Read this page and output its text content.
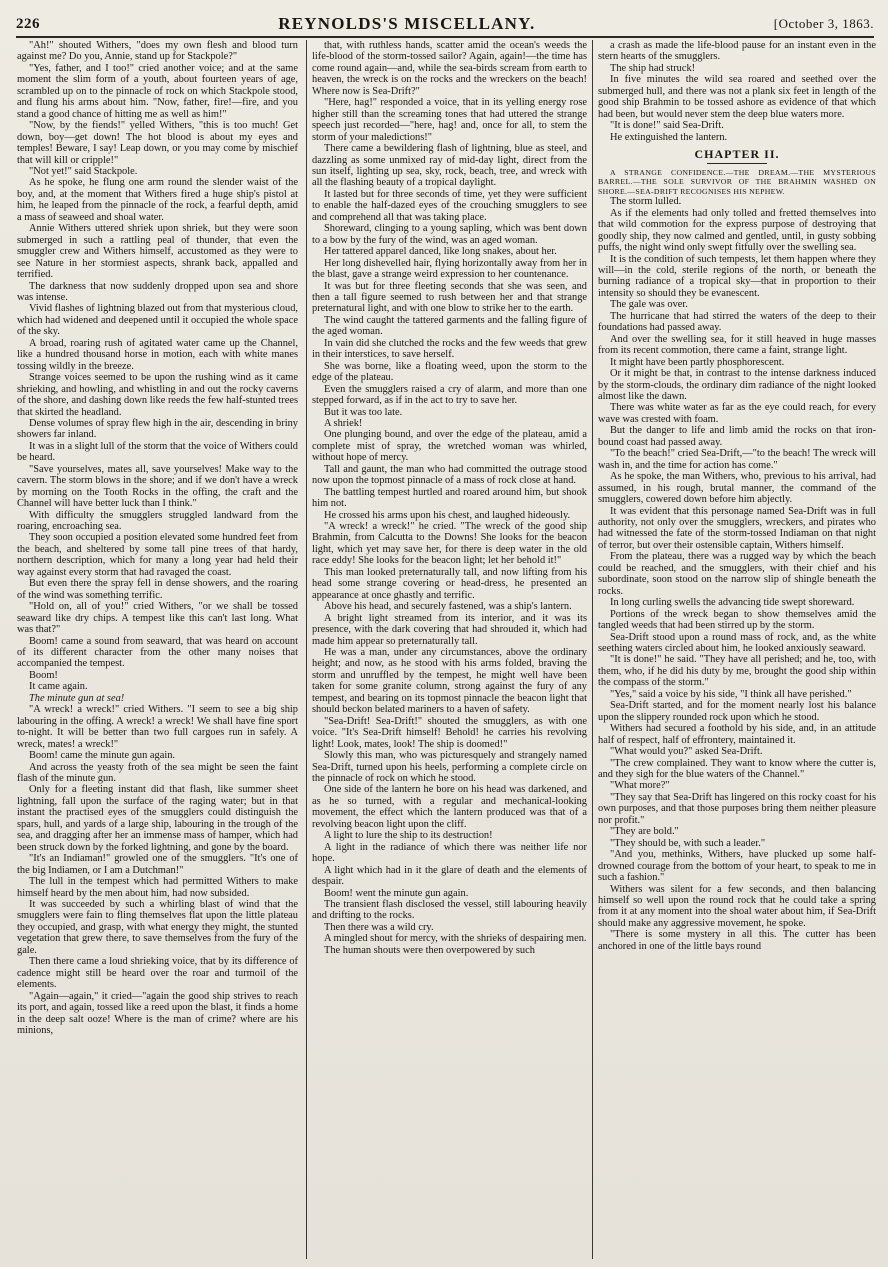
226	REYNOLDS'S MISCELLANY.	[October 3, 1863.

"Ah!" shouted Withers, "does my own flesh and blood turn against me? Do you, Annie, stand up for Stackpole?"

"Yes, father, and I too!" cried another voice; and at the same moment the slim form of a youth, about fourteen years of age, scrambled up on to the pinnacle of rock on which Stackpole stood, and flung his arms about him. "Now, father, fire!—fire, and you stand a good chance of hitting me as well as him!"

"Now, by the fiends!" yelled Withers, "this is too much! Get down, boy—get down! The hot blood is about my eyes and temples! Beware, I say! Leap down, or you may come by mischief that will kill or cripple!"

"Not yet!" said Stackpole.

As he spoke, he flung one arm round the slender waist of the boy, and, at the moment that Withers fired a huge ship's pistol at him, he leaped from the pinnacle of the rock, a fearful depth, amid a mass of seaweed and shoal water.

Annie Withers uttered shriek upon shriek, but they were soon submerged in such a rattling peal of thunder, that even the smuggler crew and Withers himself, accustomed as they were to see Nature in her stormiest aspects, shrank back, appalled and terrified.

The darkness that now suddenly dropped upon sea and shore was intense.

Vivid flashes of lightning blazed out from that mysterious cloud, which had widened and deepened until it occupied the whole space of the sky.

A broad, roaring rush of agitated water came up the Channel, like a hundred thousand horse in motion, each with white manes tossing wildly in the breeze.

Strange voices seemed to be upon the rushing wind as it came shrieking, and howling, and whistling in and out the rocky caverns of the shore, and dashing down like reeds the few half-stunted trees that skirted the headland.

Dense volumes of spray flew high in the air, descending in briny showers far inland.

It was in a slight lull of the storm that the voice of Withers could be heard.

"Save yourselves, mates all, save yourselves! Make way to the cavern. The storm blows in the shore; and if we don't have a wreck by morning on the Tooth Rocks in the offing, the craft and the Channel will have better luck than I think."

With difficulty the smugglers struggled landward from the roaring, encroaching sea.

They soon occupied a position elevated some hundred feet from the beach, and sheltered by some tall pine trees of that hardy, northern description, which for many a long year had held their way against every storm that had ravaged the coast.

But even there the spray fell in dense showers, and the roaring of the wind was something terrific.

"Hold on, all of you!" cried Withers, "or we shall be tossed seaward like dry chips. A tempest like this can't last long. What was that?"

Boom! came a sound from seaward, that was heard on account of its different character from the other many noises that accompanied the tempest.

Boom!

It came again.

The minute gun at sea!

"A wreck! a wreck!" cried Withers. "I seem to see a big ship labouring in the offing. A wreck! a wreck! We shall have fine sport to-night. It will be better than two full cargoes run in safely. A wreck, mates! a wreck!"

Boom! came the minute gun again.

And across the yeasty froth of the sea might be seen the faint flash of the minute gun.

Only for a fleeting instant did that flash, like summer sheet lightning, fall upon the surface of the raging water; but in that instant the practised eyes of the smugglers could distinguish the spars, hull, and yards of a large ship, labouring in the trough of the sea, and dragging after her an immense mass of hamper, which had been struck down by the forked lightning, and gone by the board.

"It's an Indiaman!" growled one of the smugglers. "It's one of the big Indiamen, or I am a Dutchman!"

The lull in the tempest which had permitted Withers to make himself heard by the men about him, had now subsided.

It was succeeded by such a whirling blast of wind that the smugglers were fain to fling themselves flat upon the little plateau they occupied, and grasp, with what energy they might, the stunted vegetation that grew there, to save themselves from the fury of the gale.

Then there came a loud shrieking voice, that by its difference of cadence might still be heard over the roar and turmoil of the elements.

"Again—again," it cried—"again the good ship strives to reach its port, and again, tossed like a reed upon the blast, it finds a home in the deep salt ooze! Where is the man of crime? where are his minions,

that, with ruthless hands, scatter amid the ocean's weeds the life-blood of the storm-tossed sailor? Again, again!—the time has come round again—and, while the sea-birds scream from earth to heaven, the wreck is on the rocks and the wreckers on the beach! Where now is Sea-Drift?"

"Here, hag!" responded a voice, that in its yelling energy rose higher still than the screaming tones that had uttered the strange speech just recorded—"here, hag! and, once for all, to stem the storm of your maledictions!"

There came a bewildering flash of lightning, blue as steel, and dazzling as some unmixed ray of mid-day light, direct from the sun itself, lighting up sea, sky, rock, beach, tree, and wreck with all the flashing beauty of a tropical daylight.

It lasted but for three seconds of time, yet they were sufficient to enable the half-dazed eyes of the crouching smugglers to see and comprehend all that was taking place.

Shoreward, clinging to a young sapling, which was bent down to a bow by the fury of the wind, was an aged woman.

Her tattered apparel danced, like long snakes, about her.

Her long dishevelled hair, flying horizontally away from her in the blast, gave a strange weird expression to her countenance.

It was but for three fleeting seconds that she was seen, and then a tall figure seemed to rush between her and that strange preternatural light, and with one blow to strike her to the earth.

The wind caught the tattered garments and the falling figure of the aged woman.

In vain did she clutched the rocks and the few weeds that grew in their interstices, to save herself.

She was borne, like a floating weed, upon the storm to the edge of the plateau.

Even the smugglers raised a cry of alarm, and more than one stepped forward, as if in the act to try to save her.

But it was too late.

A shriek!

One plunging bound, and over the edge of the plateau, amid a complete mist of spray, the wretched woman was whirled, without hope of mercy.

Tall and gaunt, the man who had committed the outrage stood now upon the topmost pinnacle of a mass of rock close at hand.

The battling tempest hurtled and roared around him, but shook him not.

He crossed his arms upon his chest, and laughed hideously.

"A wreck! a wreck!" he cried. "The wreck of the good ship Brahmin, from Calcutta to the Downs! She looks for the beacon light, which yet may save her, for there is deep water in the old race eddy! She looks for the beacon light; let her behold it!"

This man looked preternaturally tall, and now lifting from his head some strange covering or head-dress, he presented an appearance at once ghastly and terrific.

Above his head, and securely fastened, was a ship's lantern.

A bright light streamed from its interior, and it was its presence, with the dark covering that had shrouded it, which had made him appear so preternaturally tall.

He was a man, under any circumstances, above the ordinary height; and now, as he stood with his arms folded, braving the storm and unruffled by the tempest, he might well have been taken for some granite column, strong against the fury of any tempest, and bearing on its topmost pinnacle the beacon light that should beckon belated mariners to a haven of safety.

"Sea-Drift! Sea-Drift!" shouted the smugglers, as with one voice. "It's Sea-Drift himself! Behold! he carries his revolving light! Look, mates, look! The ship is doomed!"

Slowly this man, who was picturesquely and strangely named Sea-Drift, turned upon his heels, performing a complete circle on the pinnacle of rock on which he stood.

One side of the lantern he bore on his head was darkened, and as he so turned, with a regular and mechanical-looking movement, the effect which the lantern produced was that of a revolving beacon light upon the cliff.

A light to lure the ship to its destruction!

A light in the radiance of which there was neither life nor hope.

A light which had in it the glare of death and the elements of despair.

Boom! went the minute gun again.

The transient flash disclosed the vessel, still labouring heavily and drifting to the rocks.

Then there was a wild cry.

A mingled shout for mercy, with the shrieks of despairing men.

The human shouts were then overpowered by such

a crash as made the life-blood pause for an instant even in the stern hearts of the smugglers.

The ship had struck!

In five minutes the wild sea roared and seethed over the submerged hull, and there was not a plank six feet in length of the good ship Brahmin to be tossed ashore as evidence of that which had been, but would never stem the deep blue waters more.

"It is done!" said Sea-Drift.

He extinguished the lantern.

CHAPTER II.

A STRANGE CONFIDENCE.—THE DREAM.—THE MYSTERIOUS BARREL.—THE SOLE SURVIVOR OF THE BRAHMIN WASHED ON SHORE.—SEA-DRIFT RECOGNISES HIS NEPHEW.

The storm lulled.

As if the elements had only tolled and fretted themselves into that wild commotion for the express purpose of destroying that goodly ship, they now calmed and gentled, until, in gusty sobbing puffs, the night wind only swept fitfully over the swelling sea.

It is the condition of such tempests, let them happen where they will—in the cold, sterile regions of the north, or beneath the burning radiance of a tropical sky—that in proportion to their intensity so should they be evanescent.

The gale was over.

The hurricane that had stirred the waters of the deep to their foundations had passed away.

And over the swelling sea, for it still heaved in huge masses from its recent commotion, there came a faint, strange light.

It might have been partly phosphorescent.

Or it might be that, in contrast to the intense darkness induced by the storm-clouds, the ordinary dim radiance of the night looked almost like the dawn.

There was white water as far as the eye could reach, for every wave was crested with foam.

But the danger to life and limb amid the rocks on that iron-bound coast had passed away.

"To the beach!" cried Sea-Drift,—"to the beach! The wreck will wash in, and the time for action has come."

As he spoke, the man Withers, who, previous to his arrival, had assumed, in his rough, brutal manner, the command of the smugglers, cowered down before him abjectly.

It was evident that this personage named Sea-Drift was in full authority, not only over the smugglers, wreckers, and pirates who had witnessed the fate of the storm-tossed Indiaman on that night of terror, but over their ostensible captain, Withers himself.

From the plateau, there was a rugged way by which the beach could be reached, and the smugglers, with their chief and his subordinate, soon stood on the narrow slip of shingle beneath the rocks.

In long curling swells the advancing tide swept shoreward.

Portions of the wreck began to show themselves amid the tangled weeds that had been stirred up by the storm.

Sea-Drift stood upon a round mass of rock, and, as the white seething waters circled about him, he looked anxiously seaward.

"It is done!" he said. "They have all perished; and he, too, with them, who, if he did his duty by me, brought the good ship within the compass of the storm."

"Yes," said a voice by his side, "I think all have perished."

Sea-Drift started, and for the moment nearly lost his balance upon the slippery rounded rock upon which he stood.

Withers had secured a foothold by his side, and, in an attitude half of respect, half of effrontery, maintained it.

"What would you?" asked Sea-Drift.

"The crew complained. They want to know where the cutter is, and they sigh for the blue waters of the Channel."

"What more?"

"They say that Sea-Drift has lingered on this rocky coast for his own purposes, and that those purposes bring them neither pleasure nor profit."

"They are bold."

"They should be, with such a leader."

"And you, methinks, Withers, have plucked up some half-drowned courage from the bottom of your heart, to speak to me in such a fashion."

Withers was silent for a few seconds, and then balancing himself so well upon the round rock that he could take a spring from it at any moment into the shoal water about him, if Sea-Drift should make any aggressive movement, he spoke.

"There is some mystery in all this. The cutter has been anchored in one of the little bays round
